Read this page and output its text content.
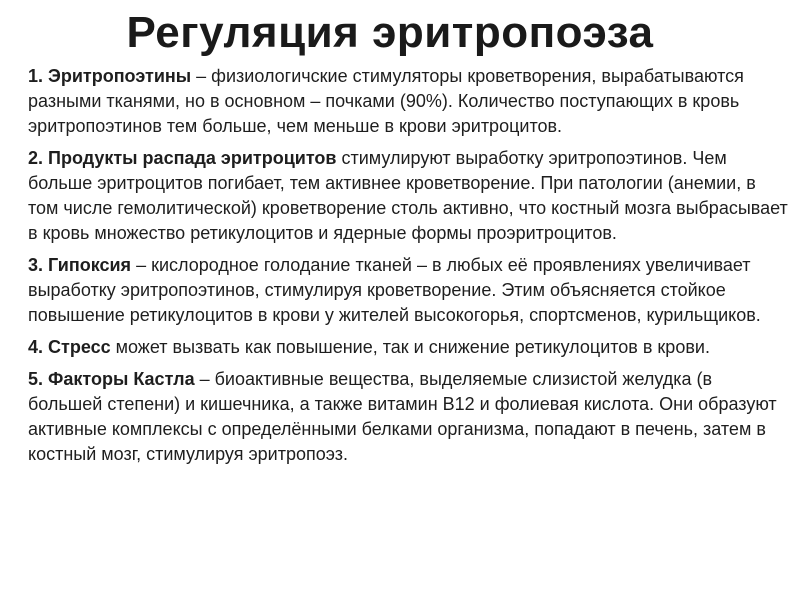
Регуляция эритропоэза

1. Эритропоэтины – физиологичские стимуляторы кроветворения, вырабатываются разными тканями, но в основном – почками (90%). Количество поступающих в кровь эритропоэтинов тем больше, чем меньше в крови эритроцитов.

2. Продукты распада эритроцитов стимулируют выработку эритропоэтинов. Чем больше эритроцитов погибает, тем активнее кроветворение. При патологии (анемии, в том числе гемолитической) кроветворение столь активно, что костный мозга выбрасывает в кровь множество ретикулоцитов и ядерные формы проэритроцитов.

3. Гипоксия – кислородное голодание тканей – в любых её проявлениях увеличивает выработку эритропоэтинов, стимулируя кроветворение. Этим объясняется стойкое повышение ретикулоцитов в крови у жителей высокогорья, спортсменов, курильщиков.

4. Стресс может вызвать как повышение, так и снижение ретикулоцитов в крови.

5. Факторы Кастла – биоактивные вещества, выделяемые слизистой желудка (в большей степени) и кишечника, а также витамин В12 и фолиевая кислота. Они образуют активные комплексы с определёнными белками организма, попадают в печень, затем в костный мозг, стимулируя эритропоэз.
